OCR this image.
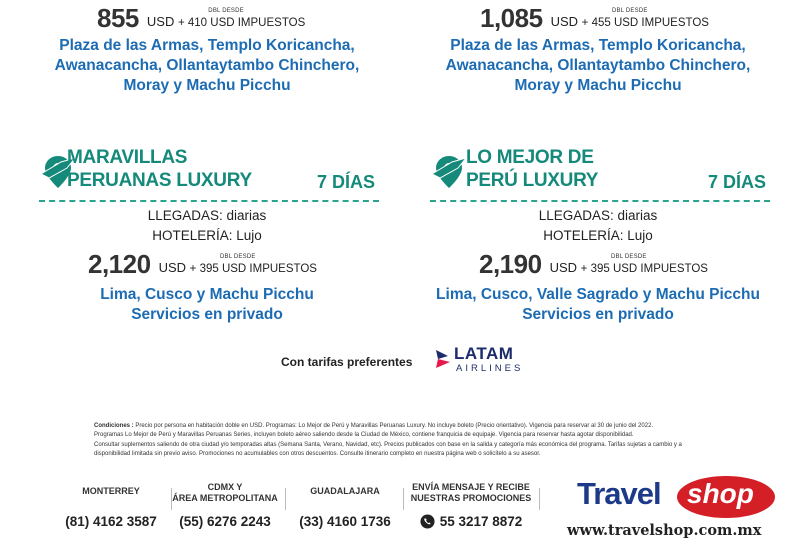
855	DBL DESDE
USD + 410 USD IMPUESTOS
Plaza de las Armas, Templo Koricancha,
Awanacancha, Ollantaytambo Chinchero,
Moray y Machu Picchu
1,085	DBL DESDE
USD + 455 USD IMPUESTOS
Plaza de las Armas, Templo Koricancha,
Awanacancha, Ollantaytambo Chinchero,
Moray y Machu Picchu
MARAVILLAS
PERUANAS LUXURY	7 DÍAS
LLEGADAS: diarias
HOTELERÍA: Lujo
2,120	DBL DESDE
USD + 395 USD IMPUESTOS
Lima, Cusco y Machu Picchu
Servicios en privado
LO MEJOR DE
PERÚ LUXURY	7 DÍAS
LLEGADAS: diarias
HOTELERÍA: Lujo
2,190	DBL DESDE
USD + 395 USD IMPUESTOS
Lima, Cusco, Valle Sagrado y Machu Picchu
Servicios en privado
Con tarifas preferentes LATAM
AIRLINES
Condiciones : Precio por persona en habitación doble en USD. Programas: Lo Mejor de Perú y Maravillas Peruanas Luxury. No incluye boleto (Precio orientativo). Vigencia para reservar al 30 de junio del 2022.
Programas Lo Mejor de Perú y Maravillas Peruanas Series, incluyen boleto aéreo saliendo desde la Ciudad de México, contiene franquicia de equipaje. Vigencia para reservar hasta agotar disponibilidad.
Consultar suplementos saliendo de otra ciudad y/o temporadas altas (Semana Santa, Verano, Navidad, etc). Precios publicados con base en la salida y categoría más económica del programa. Tarifas sujetas a cambio y a
disponibilidad limitada sin previo aviso. Promociones no acumulables con otros descuentos. Consulte itinerario completo en nuestra página web o solicítelo a su asesor.
MONTERREY
(81) 4162 3587
CDMX Y
ÁREA METROPOLITANA
(55) 6276 2243
GUADALAJARA
(33) 4160 1736
ENVÍA MENSAJE Y RECIBE
NUESTRAS PROMOCIONES
55 3217 8872
Travel shop
www.travelshop.com.mx
